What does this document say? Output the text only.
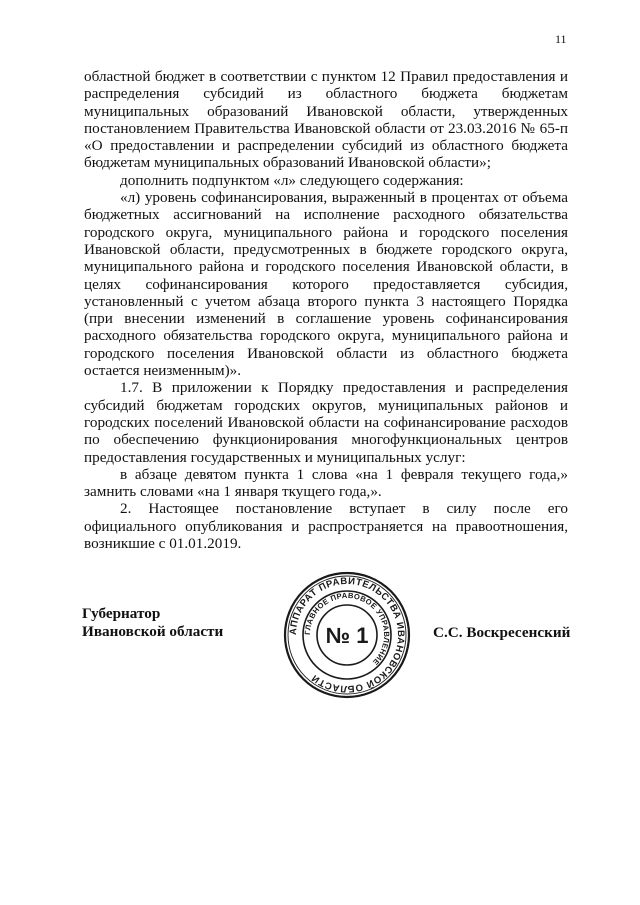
11
областной бюджет в соответствии с пунктом 12 Правил предоставления и
распределения субсидий из областного бюджета бюджетам
муниципальных образований Ивановской области, утвержденных
постановлением Правительства Ивановской области от 23.03.2016 № 65-п
«О предоставлении и распределении субсидий из областного бюджета
бюджетам муниципальных образований Ивановской области»;
дополнить подпунктом «л» следующего содержания:
«л) уровень софинансирования, выраженный в процентах от объема
бюджетных ассигнований на исполнение расходного обязательства
городского округа, муниципального района и городского поселения
Ивановской области, предусмотренных в бюджете городского округа,
муниципального района и городского поселения Ивановской области, в
целях софинансирования которого предоставляется субсидия,
установленный с учетом абзаца второго пункта 3 настоящего Порядка
(при внесении изменений в соглашение уровень софинансирования
расходного обязательства городского округа, муниципального района и
городского поселения Ивановской области из областного бюджета
остается неизменным)».
1.7. В приложении к Порядку предоставления и распределения
субсидий бюджетам городских округов, муниципальных районов и
городских поселений Ивановской области на софинансирование расходов
по обеспечению функционирования многофункциональных центров
предоставления государственных и муниципальных услуг:
в абзаце девятом пункта 1 слова «на 1 февраля текущего года,»
замнить словами «на 1 января ткущего года,».
2. Настоящее постановление вступает в силу после его
официального опубликования и распространяется на правоотношения,
возникшие с 01.01.2019.
Губернатор
Ивановской области	С.С. Воскресенский
АППАРАТ ПРАВИТЕЛЬСТВА ИВАНОВСКОЙ ОБЛАСТИ
ГЛАВНОЕ ПРАВОВОЕ УПРАВЛЕНИЕ
№ 1
